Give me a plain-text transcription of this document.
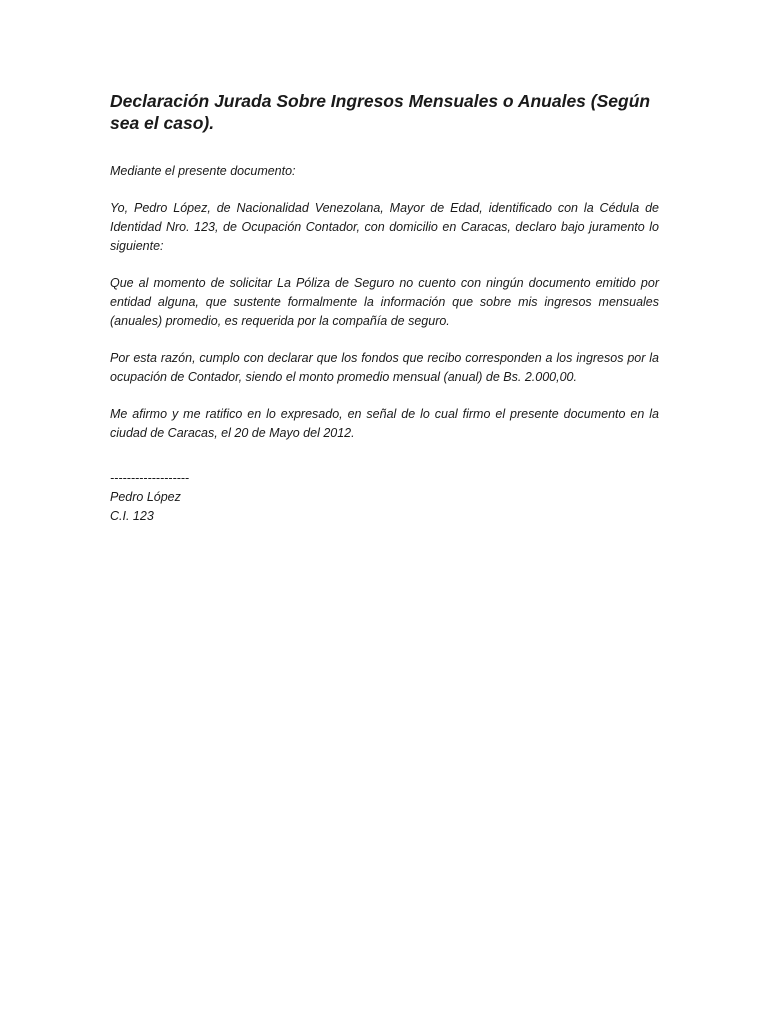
Declaración Jurada Sobre Ingresos Mensuales o Anuales (Según sea el caso).

Mediante el presente documento:

Yo, Pedro López, de Nacionalidad Venezolana, Mayor de Edad, identificado con la Cédula de Identidad Nro. 123, de Ocupación Contador, con domicilio en Caracas, declaro bajo juramento lo siguiente:

Que al momento de solicitar La Póliza de Seguro no cuento con ningún documento emitido por entidad alguna, que sustente formalmente la información que sobre mis ingresos mensuales (anuales) promedio, es requerida por la compañía de seguro.

Por esta razón, cumplo con declarar que los fondos que recibo corresponden a los ingresos por la ocupación de Contador, siendo el monto promedio mensual (anual) de Bs. 2.000,00.

Me afirmo y me ratifico en lo expresado, en señal de lo cual firmo el presente documento en la ciudad de Caracas, el 20 de Mayo del 2012.

-------------------
Pedro López
C.I. 123
